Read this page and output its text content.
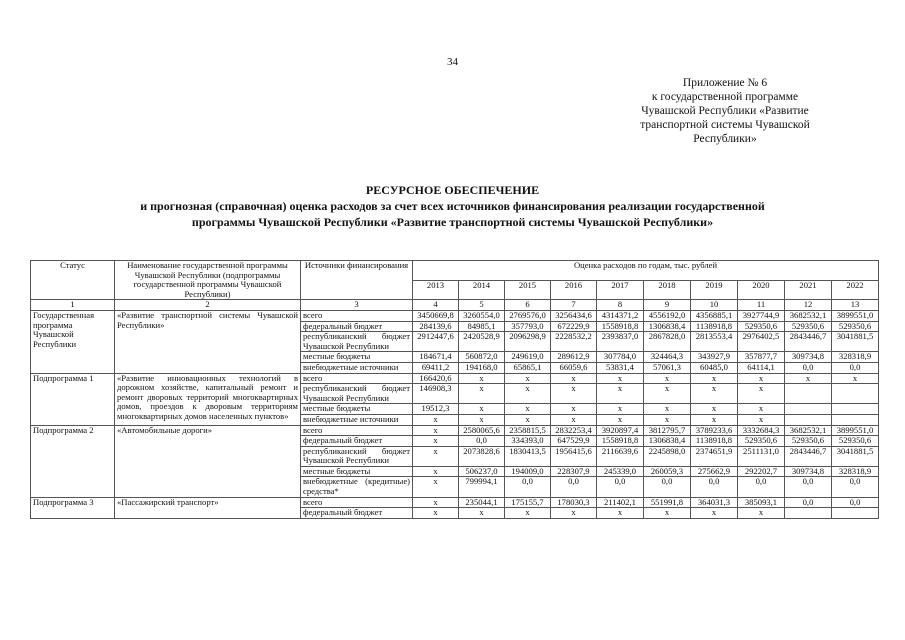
34
Приложение № 6
к государственной программе
Чувашской Республики «Развитие
транспортной системы Чувашской
Республики»
РЕСУРСНОЕ ОБЕСПЕЧЕНИЕ
и прогнозная (справочная) оценка расходов за счет всех источников финансирования реализации государственной
программы Чувашской Республики «Развитие транспортной системы Чувашской Республики»
Статус	Наименование государственной программы Чувашской Республики (подпрограммы государственной программы Чувашской Республики)	Источники финансирования	Оценка расходов по годам, тыс. рублей									
			2013	2014	2015	2016	2017	2018	2019	2020	2021	2022
1	2	3	4	5	6	7	8	9	10	11	12	13
Государственная программа Чувашской Республики	«Развитие транспортной системы Чувашской Республики»	всего	3450669,8	3260554,0	2769576,0	3256434,6	4314371,2	4556192,0	4356885,1	3927744,9	3682532,1	3899551,0
		федеральный бюджет	284139,6	84985,1	357793,0	672229,9	1558918,8	1306838,4	1138918,8	529350,6	529350,6	529350,6
		республиканский бюджет Чувашской Республики	2912447,6	2420528,9	2096298,9	2228532,2	2393837,0	2867828,0	2813553,4	2976402,5	2843446,7	3041881,5
		местные бюджеты	184671,4	560872,0	249619,0	289612,9	307784,0	324464,3	343927,9	357877,7	309734,8	328318,9
		внебюджетные источники	69411,2	194168,0	65865,1	66059,6	53831,4	57061,3	60485,0	64114,1	0,0	0,0
Подпрограмма 1	«Развитие инновационных технологий в дорожном хозяйстве, капитальный ремонт и ремонт дворовых территорий многоквартирных домов, проездов к дворовым территориям многоквартирных домов населенных пунктов»	всего	166420,6	x	x	x	x	x	x	x	x	x
		республиканский бюджет Чувашской Республики	146908,3	x	x	x	x	x	x	x		
		местные бюджеты	19512,3	x	x	x	x	x	x	x		
		внебюджетные источники	x	x	x	x	x	x	x	x		
Подпрограмма 2	«Автомобильные дороги»	всего	x	2580065,6	2358815,5	2832253,4	3920897,4	3812795,7	3789233,6	3332684,3	3682532,1	3899551,0
		федеральный бюджет	x	0,0	334393,0	647529,9	1558918,8	1306838,4	1138918,8	529350,6	529350,6	529350,6
		республиканский бюджет Чувашской Республики	x	2073828,6	1830413,5	1956415,6	2116639,6	2245898,0	2374651,9	2511131,0	2843446,7	3041881,5
		местные бюджеты	x	506237,0	194009,0	228307,9	245339,0	260059,3	275662,9	292202,7	309734,8	328318,9
		внебюджетные (кредитные) средства*	x	799994,1	0,0	0,0	0,0	0,0	0,0	0,0	0,0	0,0
Подпрограмма 3	«Пассажирский транспорт»	всего	x	235044,1	175155,7	178030,3	211402,1	551991,8	364031,3	385093,1	0,0	0,0
		федеральный бюджет	x	x	x	x	x	x	x	x		
